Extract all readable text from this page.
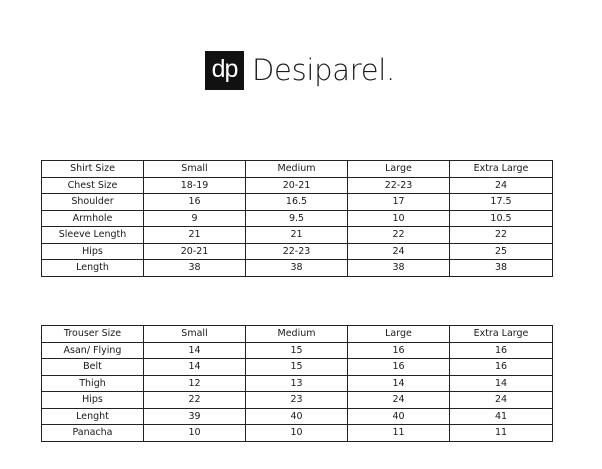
dp Desiparel.
Shirt Size	Small	Medium	Large	Extra Large
Chest Size	18-19	20-21	22-23	24
Shoulder	16	16.5	17	17.5
Armhole	9	9.5	10	10.5
Sleeve Length	21	21	22	22
Hips	20-21	22-23	24	25
Length	38	38	38	38
Trouser Size	Small	Medium	Large	Extra Large
Asan/ Flying	14	15	16	16
Belt	14	15	16	16
Thigh	12	13	14	14
Hips	22	23	24	24
Lenght	39	40	40	41
Panacha	10	10	11	11
